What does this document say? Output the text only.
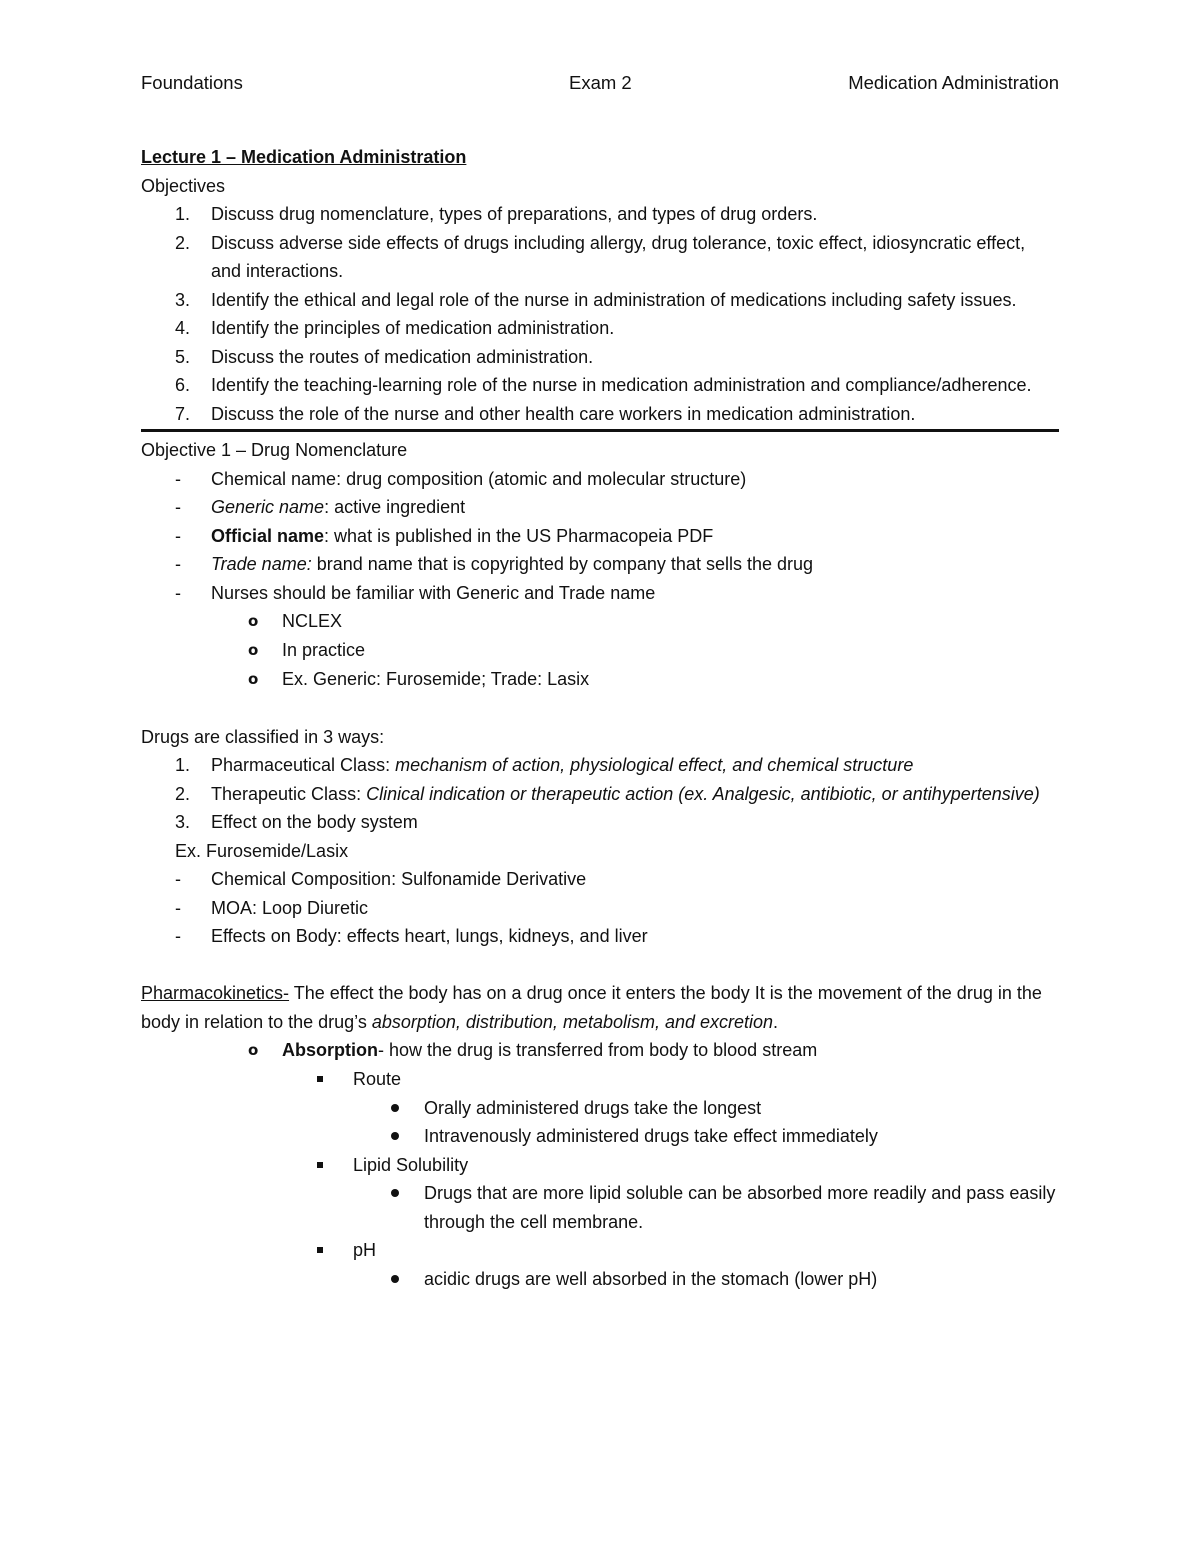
Foundations	Exam 2	Medication Administration
Lecture 1 – Medication Administration
Objectives
1. Discuss drug nomenclature, types of preparations, and types of drug orders.
2. Discuss adverse side effects of drugs including allergy, drug tolerance, toxic effect, idiosyncratic effect, and interactions.
3. Identify the ethical and legal role of the nurse in administration of medications including safety issues.
4. Identify the principles of medication administration.
5. Discuss the routes of medication administration.
6. Identify the teaching-learning role of the nurse in medication administration and compliance/adherence.
7. Discuss the role of the nurse and other health care workers in medication administration.
Objective 1 – Drug Nomenclature
- Chemical name: drug composition (atomic and molecular structure)
- Generic name: active ingredient
- Official name: what is published in the US Pharmacopeia PDF
- Trade name: brand name that is copyrighted by company that sells the drug
- Nurses should be familiar with Generic and Trade name
o NCLEX
o In practice
o Ex. Generic: Furosemide; Trade: Lasix
Drugs are classified in 3 ways:
1. Pharmaceutical Class: mechanism of action, physiological effect, and chemical structure
2. Therapeutic Class: Clinical indication or therapeutic action (ex. Analgesic, antibiotic, or antihypertensive)
3. Effect on the body system
Ex. Furosemide/Lasix
- Chemical Composition: Sulfonamide Derivative
- MOA: Loop Diuretic
- Effects on Body: effects heart, lungs, kidneys, and liver
Pharmacokinetics- The effect the body has on a drug once it enters the body It is the movement of the drug in the body in relation to the drug’s absorption, distribution, metabolism, and excretion.
o Absorption- how the drug is transferred from body to blood stream
Route
Orally administered drugs take the longest
Intravenously administered drugs take effect immediately
Lipid Solubility
Drugs that are more lipid soluble can be absorbed more readily and pass easily through the cell membrane.
pH
acidic drugs are well absorbed in the stomach (lower pH)
